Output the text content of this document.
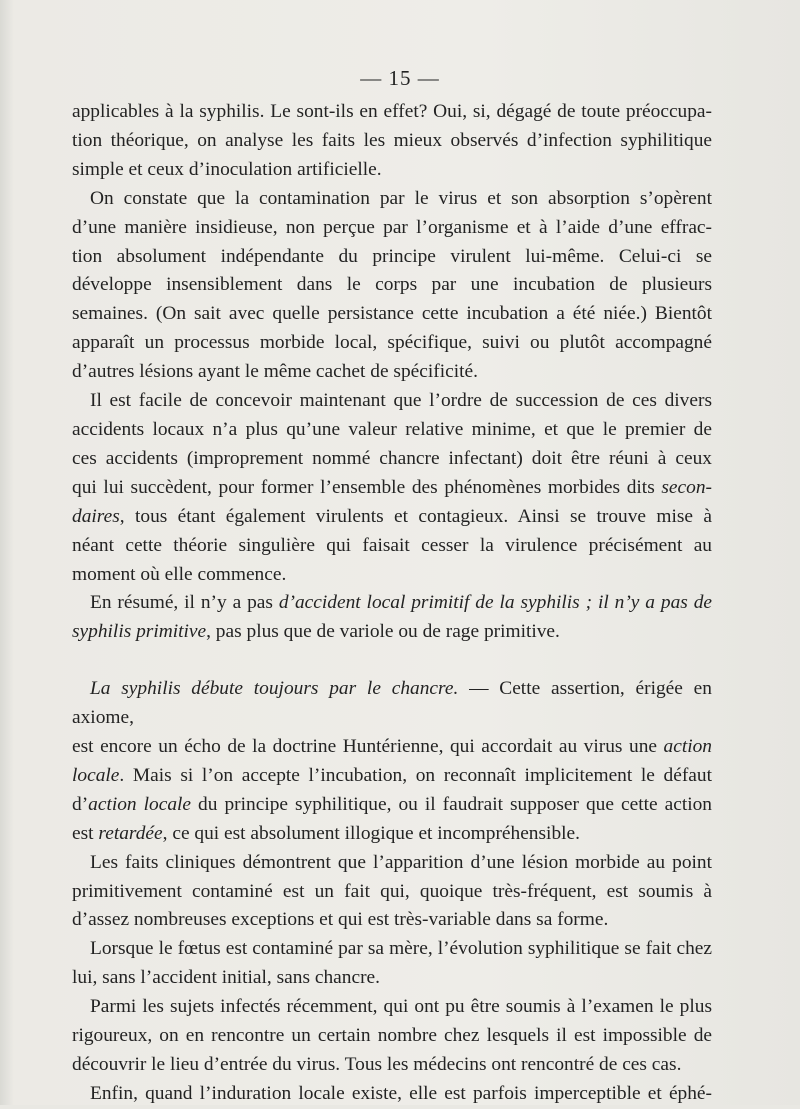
— 15 —

applicables à la syphilis. Le sont-ils en effet? Oui, si, dégagé de toute préoccupa-

tion théorique, on analyse les faits les mieux observés d’infection syphilitique

simple et ceux d’inoculation artificielle.

On constate que la contamination par le virus et son absorption s’opèrent

d’une manière insidieuse, non perçue par l’organisme et à l’aide d’une effrac-

tion absolument indépendante du principe virulent lui-même. Celui-ci se

développe insensiblement dans le corps par une incubation de plusieurs

semaines. (On sait avec quelle persistance cette incubation a été niée.) Bientôt

apparaît un processus morbide local, spécifique, suivi ou plutôt accompagné

d’autres lésions ayant le même cachet de spécificité.

Il est facile de concevoir maintenant que l’ordre de succession de ces divers

accidents locaux n’a plus qu’une valeur relative minime, et que le premier de

ces accidents (improprement nommé chancre infectant) doit être réuni à ceux

qui lui succèdent, pour former l’ensemble des phénomènes morbides dits secon-

daires, tous étant également virulents et contagieux. Ainsi se trouve mise à

néant cette théorie singulière qui faisait cesser la virulence précisément au

moment où elle commence.

En résumé, il n’y a pas d’accident local primitif de la syphilis ; il n’y a pas de

syphilis primitive, pas plus que de variole ou de rage primitive.

La syphilis débute toujours par le chancre. — Cette assertion, érigée en axiome,

est encore un écho de la doctrine Huntérienne, qui accordait au virus une action

locale. Mais si l’on accepte l’incubation, on reconnaît implicitement le défaut

d’action locale du principe syphilitique, ou il faudrait supposer que cette action

est retardée, ce qui est absolument illogique et incompréhensible.

Les faits cliniques démontrent que l’apparition d’une lésion morbide au point

primitivement contaminé est un fait qui, quoique très-fréquent, est soumis à

d’assez nombreuses exceptions et qui est très-variable dans sa forme.

Lorsque le fœtus est contaminé par sa mère, l’évolution syphilitique se fait chez

lui, sans l’accident initial, sans chancre.

Parmi les sujets infectés récemment, qui ont pu être soumis à l’examen le plus

rigoureux, on en rencontre un certain nombre chez lesquels il est impossible de

découvrir le lieu d’entrée du virus. Tous les médecins ont rencontré de ces cas.

Enfin, quand l’induration locale existe, elle est parfois imperceptible et éphé-
